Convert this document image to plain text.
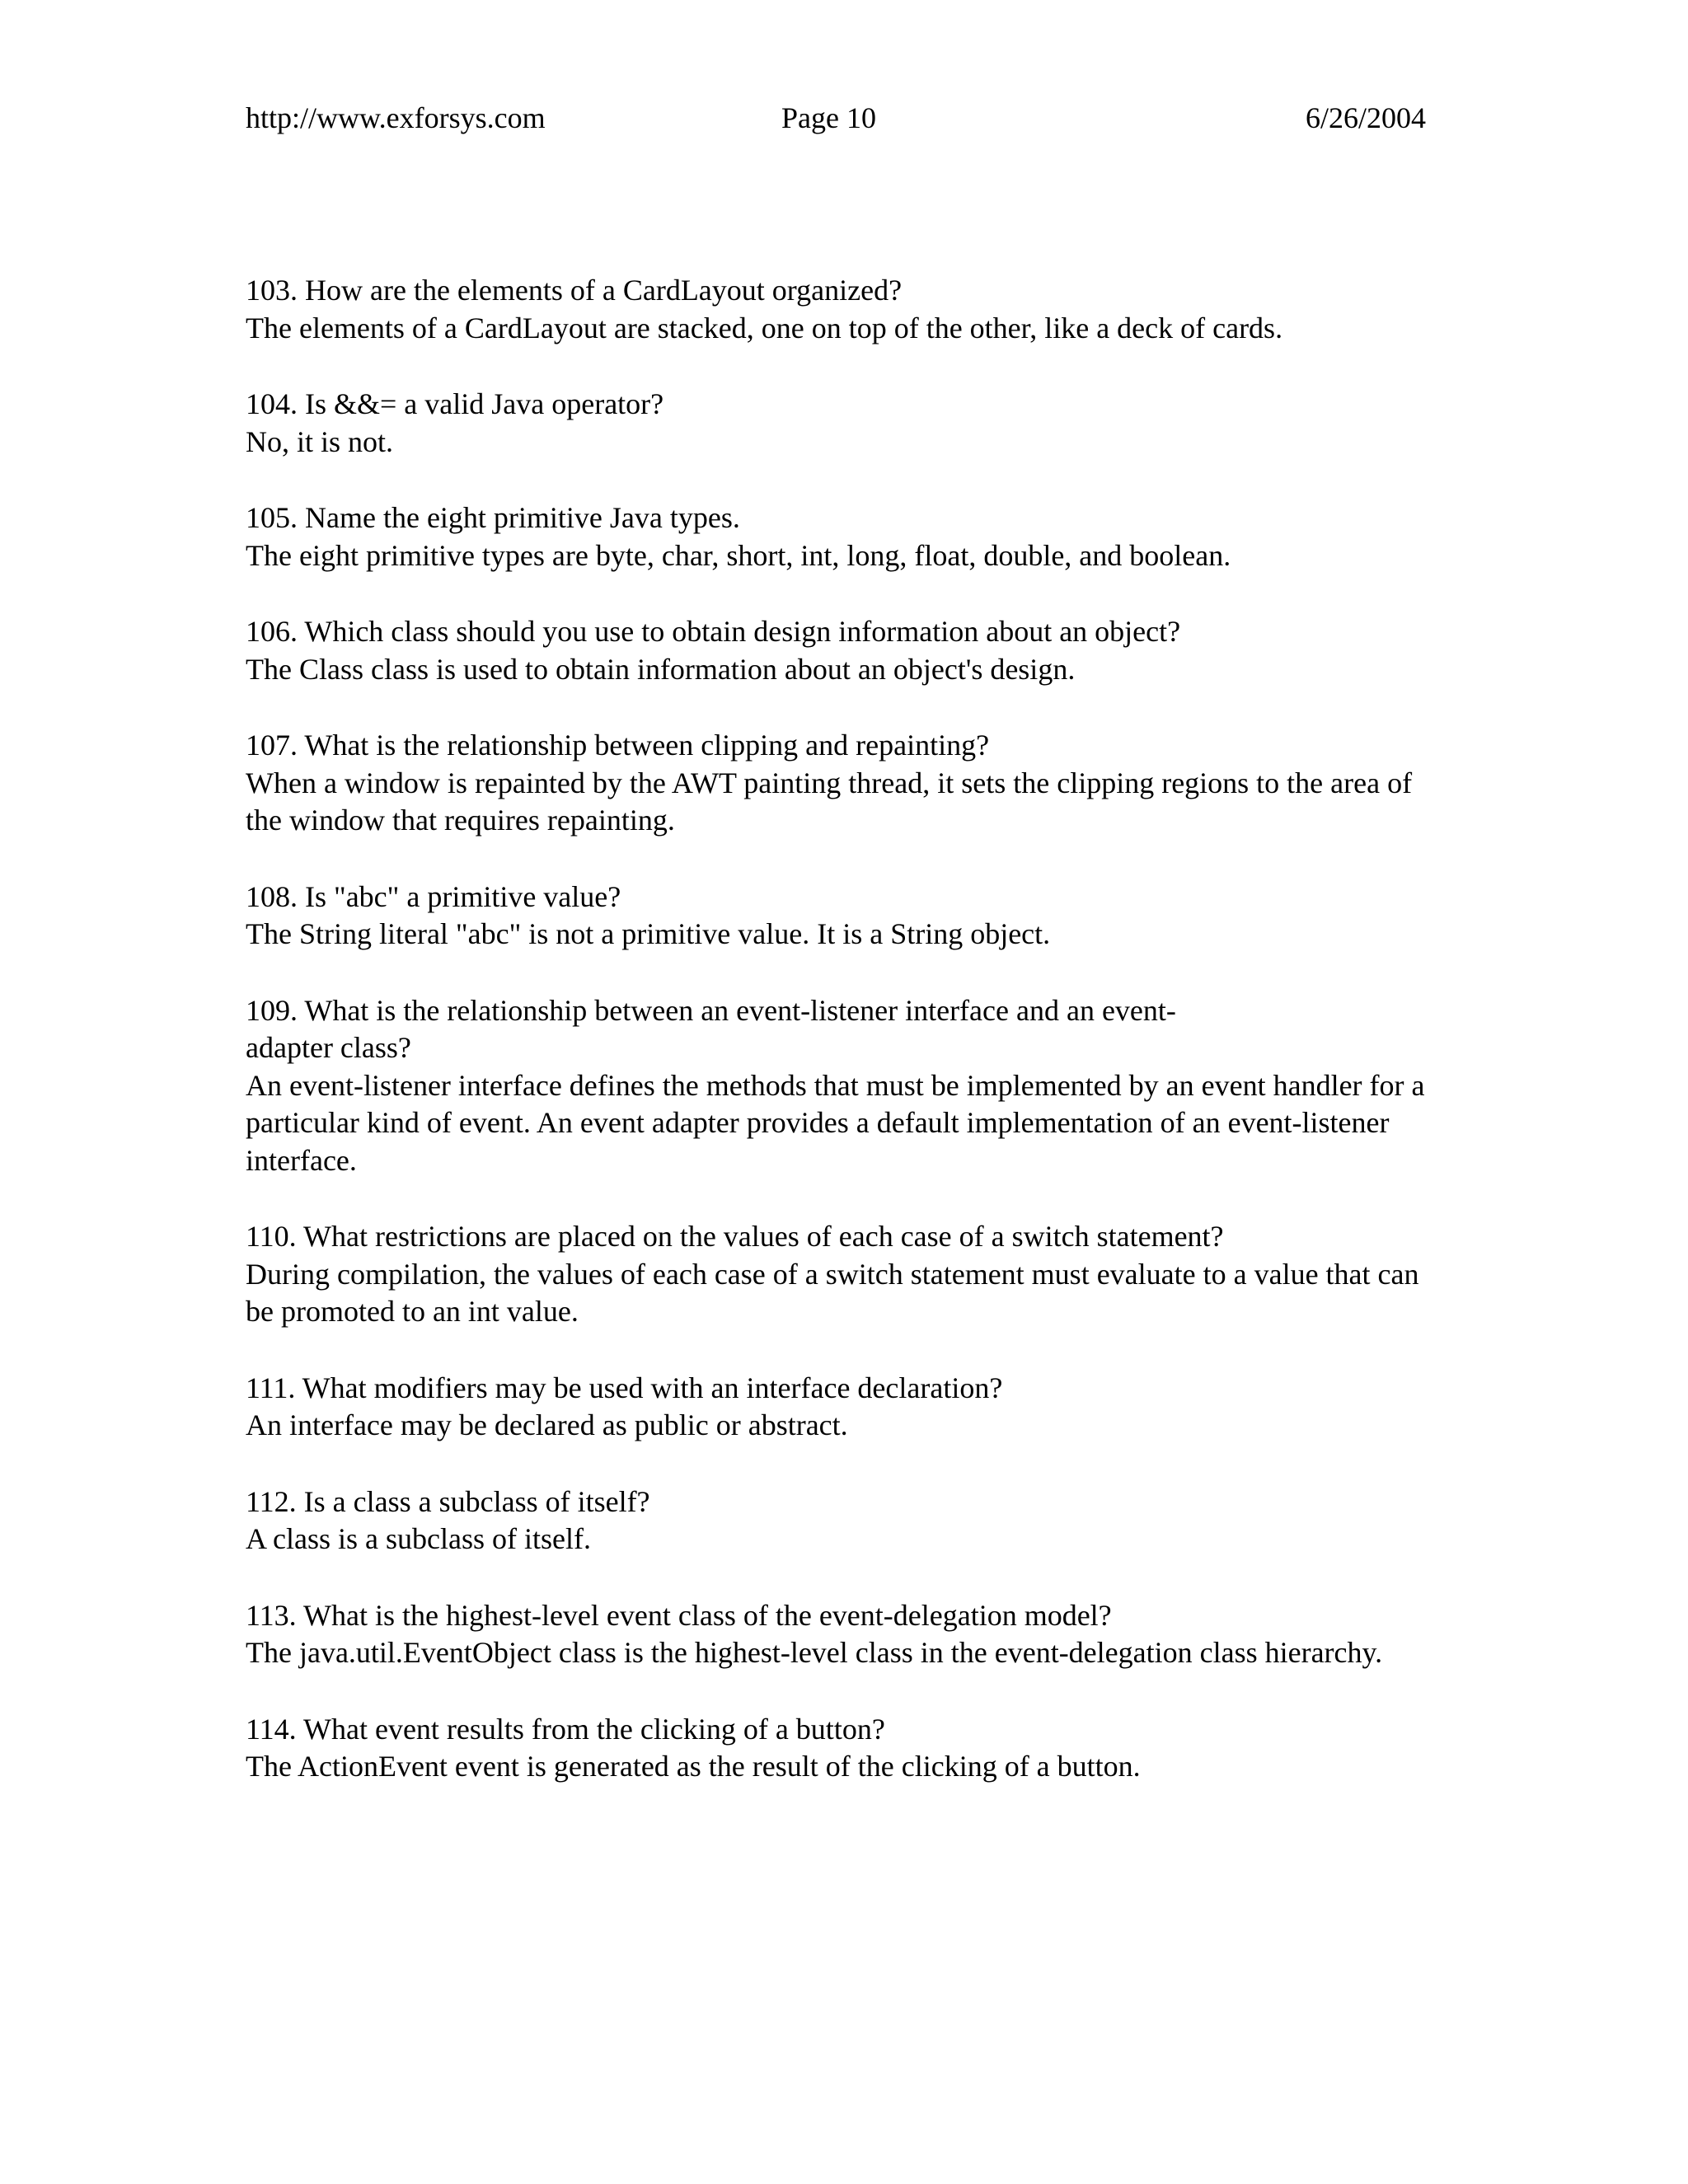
http://www.exforsys.com	Page 10	6/26/2004

103. How are the elements of a CardLayout organized?

The elements of a CardLayout are stacked, one on top of the other, like a deck of cards.

104. Is &&= a valid Java operator?

No, it is not.

105. Name the eight primitive Java types.

The eight primitive types are byte, char, short, int, long, float, double, and boolean.

106. Which class should you use to obtain design information about an object?

The Class class is used to obtain information about an object's design.

107. What is the relationship between clipping and repainting?

When a window is repainted by the AWT painting thread, it sets the clipping regions to the area of the window that requires repainting.

108. Is "abc" a primitive value?

The String literal "abc" is not a primitive value. It is a String object.

109. What is the relationship between an event-listener interface and an event-adapter class?

An event-listener interface defines the methods that must be implemented by an event handler for a particular kind of event. An event adapter provides a default implementation of an event-listener interface.

110. What restrictions are placed on the values of each case of a switch statement?

During compilation, the values of each case of a switch statement must evaluate to a value that can be promoted to an int value.

111. What modifiers may be used with an interface declaration?

An interface may be declared as public or abstract.

112. Is a class a subclass of itself?

A class is a subclass of itself.

113. What is the highest-level event class of the event-delegation model?

The java.util.EventObject class is the highest-level class in the event-delegation class hierarchy.

114. What event results from the clicking of a button?

The ActionEvent event is generated as the result of the clicking of a button.
